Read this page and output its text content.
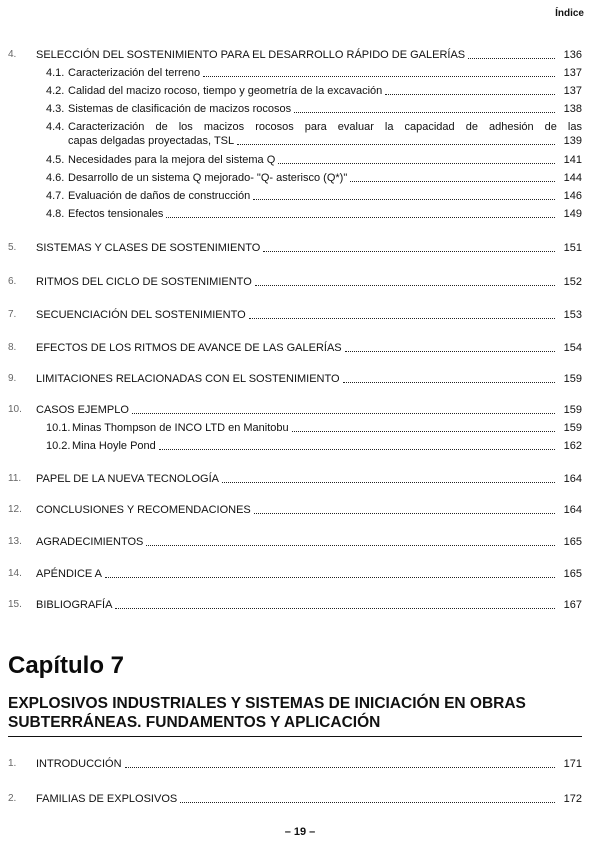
Índice
4.	SELECCIÓN DEL SOSTENIMIENTO PARA EL DESARROLLO RÁPIDO DE GALERÍAS	136
4.1. Caracterización del terreno	137
4.2. Calidad del macizo rocoso, tiempo y geometría de la excavación	137
4.3. Sistemas de clasificación de macizos rocosos	138
4.4. Caracterización de los macizos rocosos para evaluar la capacidad de adhesión de las
capas delgadas proyectadas, TSL	139
4.5. Necesidades para la mejora del sistema Q	141
4.6. Desarrollo de un sistema Q mejorado- "Q- asterisco (Q*)"	144
4.7. Evaluación de daños de construcción	146
4.8. Efectos tensionales	149
5.	SISTEMAS Y CLASES DE SOSTENIMIENTO	151
6.	RITMOS DEL CICLO DE SOSTENIMIENTO	152
7.	SECUENCIACIÓN DEL SOSTENIMIENTO	153
8.	EFECTOS DE LOS RITMOS DE AVANCE DE LAS GALERÍAS	154
9.	LIMITACIONES RELACIONADAS CON EL SOSTENIMIENTO	159
10.	CASOS EJEMPLO	159
10.1. Minas Thompson de INCO LTD en Manitobu	159
10.2. Mina Hoyle Pond	162
11.	PAPEL DE LA NUEVA TECNOLOGÍA	164
12.	CONCLUSIONES Y RECOMENDACIONES	164
13.	AGRADECIMIENTOS	165
14.	APÉNDICE A	165
15.	BIBLIOGRAFÍA	167
Capítulo 7
EXPLOSIVOS INDUSTRIALES Y SISTEMAS DE INICIACIÓN EN OBRAS
SUBTERRÁNEAS. FUNDAMENTOS Y APLICACIÓN
1.	INTRODUCCIÓN	171
2.	FAMILIAS DE EXPLOSIVOS	172
– 19 –
